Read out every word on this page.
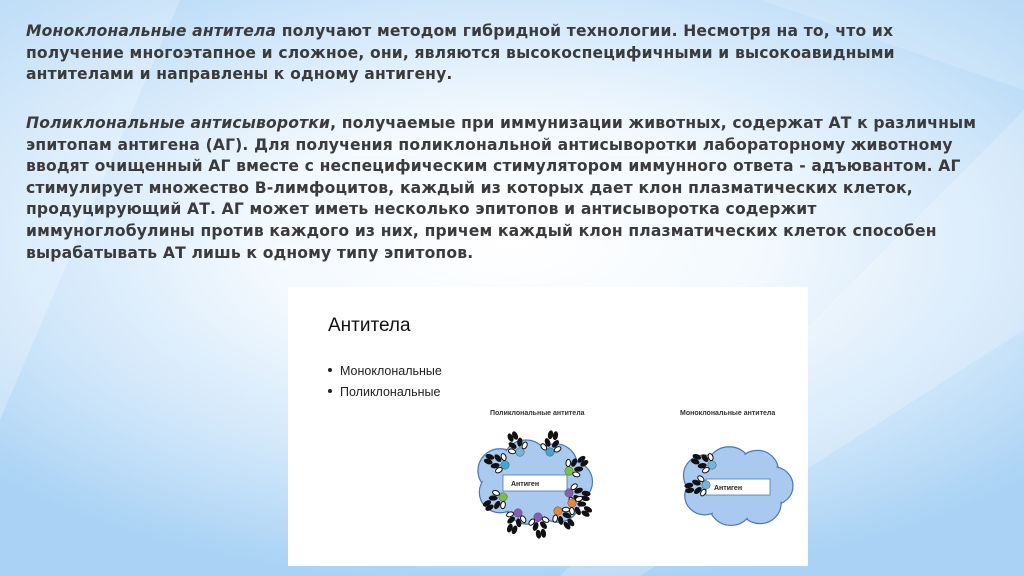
Моноклональные антитела получают методом гибридной технологии. Несмотря на то, что их получение многоэтапное и сложное, они, являются высокоспецифичными и высокоавидными антителами и направлены к одному антигену.

Поликлональные антисыворотки, получаемые при иммунизации животных, содержат АТ к различным эпитопам антигена (АГ). Для получения поликлональной антисыворотки лабораторному животному вводят очищенный АГ вместе с неспецифическим стимулятором иммунного ответа - адъювантом. АГ стимулирует множество В-лимфоцитов, каждый из которых дает клон плазматических клеток, продуцирующий АТ. АГ может иметь несколько эпитопов и антисыворотка содержит иммуноглобулины против каждого из них, причем каждый клон плазматических клеток способен вырабатывать АТ лишь к одному типу эпитопов.

Антитела
Моноклональные
Поликлональные
Поликлональные антитела	Моноклональные антитела
Антиген
Антиген
